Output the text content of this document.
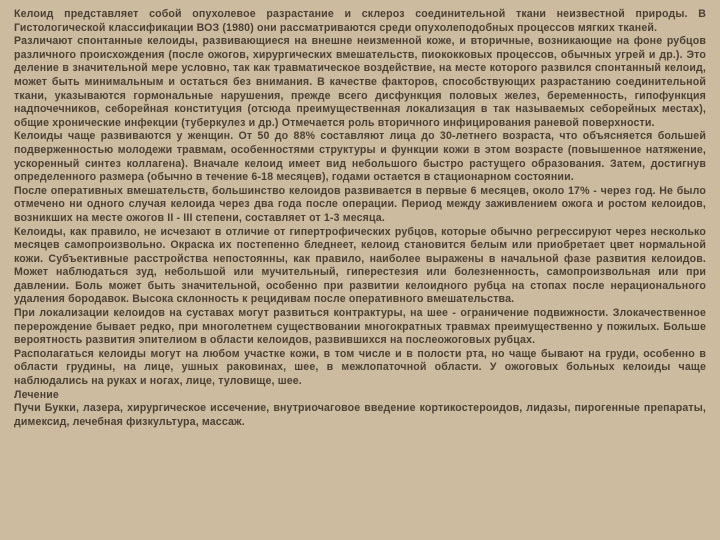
Келоид представляет собой опухолевое разрастание и склероз соединительной ткани неизвестной природы. В Гистологической классификации ВОЗ (1980) они рассматриваются среди опухолеподобных процессов мягких тканей.

Различают спонтанные келоиды, развивающиеся на внешне неизменной коже, и вторичные, возникающие на фоне рубцов различного происхождения (после ожогов, хирургических вмешательств, пиококковых процессов, обычных угрей и др.). Это деление в значительной мере условно, так как травматическое воздействие, на месте которого развился спонтанный келоид, может быть минимальным и остаться без внимания. В качестве факторов, способствующих разрастанию соединительной ткани, указываются гормональные нарушения, прежде всего дисфункция половых желез, беременность, гипофункция надпочечников, себорейная конституция (отсюда преимущественная локализация в так называемых себорейных местах), общие хронические инфекции (туберкулез и др.) Отмечается роль вторичного инфицирования раневой поверхности.

Келоиды чаще развиваются у женщин. От 50 до 88% составляют лица до 30-летнего возраста, что объясняется большей подверженностью молодежи травмам, особенностями структуры и функции кожи в этом возрасте (повышенное натяжение, ускоренный синтез коллагена). Вначале келоид имеет вид небольшого быстро растущего образования. Затем, достигнув определенного размера (обычно в течение 6-18 месяцев), годами остается в стационарном состоянии.

После оперативных вмешательств, большинство келоидов развивается в первые 6 месяцев, около 17% - через год. Не было отмечено ни одного случая келоида через два года после операции. Период между заживлением ожога и ростом келоидов, возникших на месте ожогов II - III степени, составляет от 1-3 месяца.

Келоиды, как правило, не исчезают в отличие от гипертрофических рубцов, которые обычно регрессируют через несколько месяцев самопроизвольно. Окраска их постепенно бледнеет, келоид становится белым или приобретает цвет нормальной кожи. Субъективные расстройства непостоянны, как правило, наиболее выражены в начальной фазе развития келоидов. Может наблюдаться зуд, небольшой или мучительный, гиперестезия или болезненность, самопроизвольная или при давлении. Боль может быть значительной, особенно при развитии келоидного рубца на стопах после нерационального удаления бородавок. Высока склонность к рецидивам после оперативного вмешательства.

При локализации келоидов на суставах могут развиться контрактуры, на шее - ограничение подвижности. Злокачественное перерождение бывает редко, при многолетнем существовании многократных травмах преимущественно у пожилых. Больше вероятность развития эпителиом в области келоидов, развившихся на послеожоговых рубцах.

Располагаться келоиды могут на любом участке кожи, в том числе и в полости рта, но чаще бывают на груди, особенно в области грудины, на лице, ушных раковинах, шее, в межлопаточной области. У ожоговых больных келоиды чаще наблюдались на руках и ногах, лице, туловище, шее.

Лечение

Пучи Букки, лазера, хирургическое иссечение, внутриочаговое введение кортикостероидов, лидазы, пирогенные препараты, димексид, лечебная физкультура, массаж.
